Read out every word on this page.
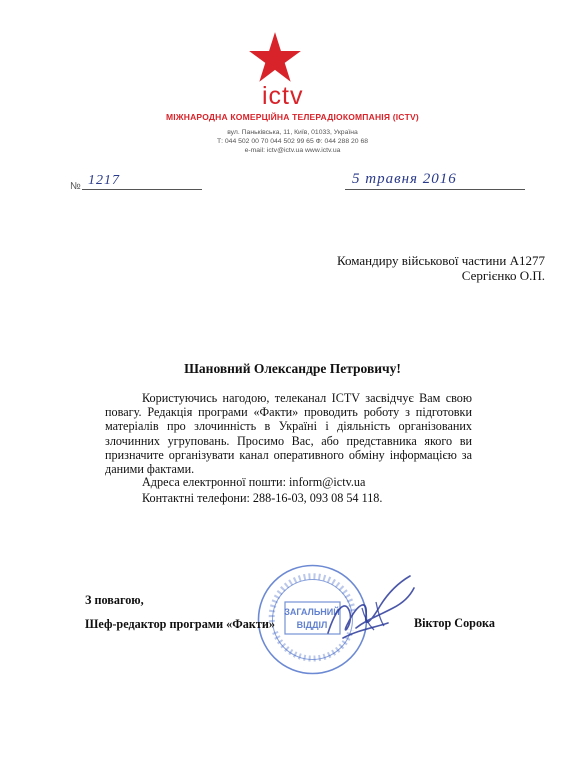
ictv
МІЖНАРОДНА КОМЕРЦІЙНА ТЕЛЕРАДІОКОМПАНІЯ (ICTV)
вул. Паньківська, 11, Київ, 01033, Україна
Т: 044 502 00 70 044 502 99 65 Ф: 044 288 20 68
e-mail: ictv@ictv.ua www.ictv.ua
№ 1217	5 травня 2016
Командиру військової частини А1277
Сергієнко О.П.
Шановний Олександре Петровичу!

Користуючись нагодою, телеканал ICTV засвідчує Вам свою повагу. Редакція програми «Факти» проводить роботу з підготовки матеріалів про злочинність в Україні і діяльність організованих злочинних угруповань. Просимо Вас, або представника якого ви призначите організувати канал оперативного обміну інформацією за даними фактами.

Адреса електронної пошти: inform@ictv.ua
Контактні телефони: 288-16-03, 093 08 54 118.
ЗАГАЛЬНИЙ
ВІДДІЛ
З повагою,
Шеф-редактор програми «Факти»	Віктор Сорока
